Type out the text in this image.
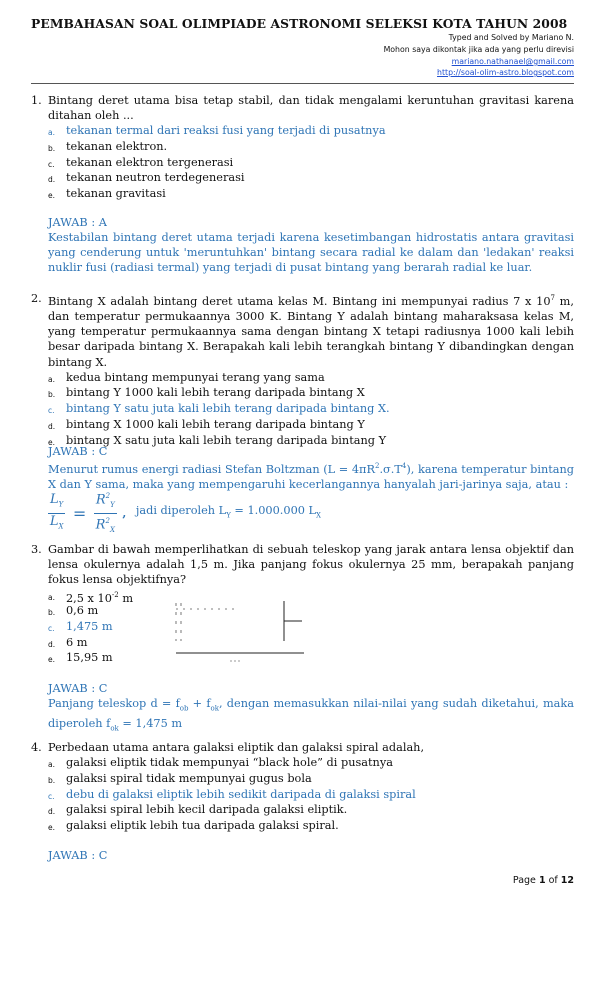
PEMBAHASAN SOAL OLIMPIADE ASTRONOMI SELEKSI KOTA TAHUN 2008
Typed and Solved by Mariano N.
Mohon saya dikontak jika ada yang perlu direvisi
mariano.nathanael@gmail.com
http://soal-olim-astro.blogspot.com
1. Bintang deret utama bisa tetap stabil, dan tidak mengalami keruntuhan gravitasi karena ditahan oleh ...
a. tekanan termal dari reaksi fusi yang terjadi di pusatnya
b. tekanan elektron.
c. tekanan elektron tergenerasi
d. tekanan neutron terdegenerasi
e. tekanan gravitasi
JAWAB : A
Kestabilan bintang deret utama terjadi karena kesetimbangan hidrostatis antara gravitasi yang cenderung untuk 'meruntuhkan' bintang secara radial ke dalam dan 'ledakan' reaksi nuklir fusi (radiasi termal) yang terjadi di pusat bintang yang berarah radial ke luar.
2. Bintang X adalah bintang deret utama kelas M. Bintang ini mempunyai radius 7 x $10^7$ m, dan temperatur permukaannya 3000 K. Bintang Y adalah bintang maharaksasa kelas M, yang temperatur permukaannya sama dengan bintang X tetapi radiusnya 1000 kali lebih besar daripada bintang X. Berapakah kali lebih terangkah bintang Y dibandingkan dengan bintang X.
a. kedua bintang mempunyai terang yang sama
b. bintang Y 1000 kali lebih terang daripada bintang X
c. bintang Y satu juta kali lebih terang daripada bintang X.
d. bintang X 1000 kali lebih terang daripada bintang Y
e. bintang X satu juta kali lebih terang daripada bintang Y
JAWAB : C
Menurut rumus energi radiasi Stefan Boltzman $(L = 4\pi R^2.\sigma.T^4)$, karena temperatur bintang X dan Y sama, maka yang mempengaruhi kecerlangannya hanyalah jari-jarinya saja, atau :
$\frac{L_Y}{L_X} = \frac{R^2_Y}{R^2_X}$ , jadi diperoleh $L_Y = 1.000.000$ $L_X$
3. Gambar di bawah memperlihatkan di sebuah teleskop yang jarak antara lensa objektif dan lensa okulernya adalah 1,5 m. Jika panjang fokus okulernya 25 mm, berapakah panjang fokus lensa objektifnya?
a. 2,5 x $10^{-2}$ m
b. 0,6 m
c. 1,475 m
d. 6 m
e. 15,95 m
JAWAB : C
Panjang teleskop $d = f_{ob} + f_{ok}$, dengan memasukkan nilai-nilai yang sudah diketahui, maka diperoleh $f_{ok} = 1,475$ m
4. Perbedaan utama antara galaksi eliptik dan galaksi spiral adalah,
a. galaksi eliptik tidak mempunyai “black hole” di pusatnya
b. galaksi spiral tidak mempunyai gugus bola
c. debu di galaksi eliptik lebih sedikit daripada di galaksi spiral
d. galaksi spiral lebih kecil daripada galaksi eliptik.
e. galaksi eliptik lebih tua daripada galaksi spiral.
JAWAB : C
Page 1 of 12
